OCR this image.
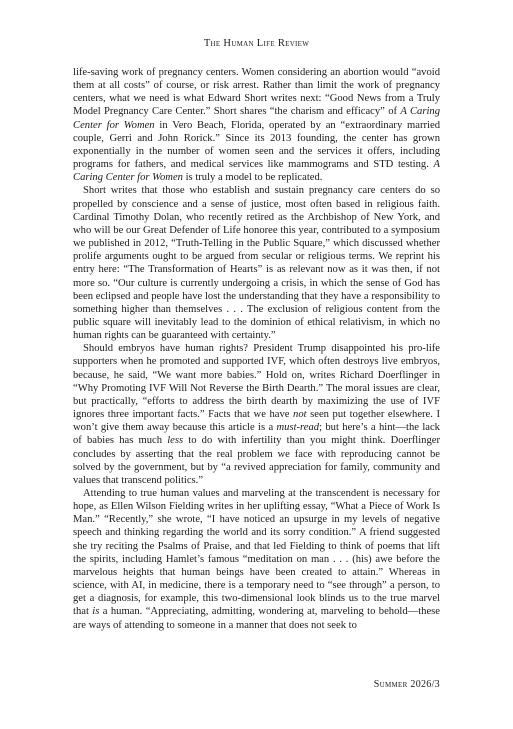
The Human Life Review

life-saving work of pregnancy centers. Women considering an abortion would “avoid them at all costs” of course, or risk arrest. Rather than limit the work of pregnancy centers, what we need is what Edward Short writes next: “Good News from a Truly Model Pregnancy Care Center.” Short shares “the charism and efficacy” of A Caring Center for Women in Vero Beach, Florida, operated by an “extraordinary married couple, Gerri and John Rorick.” Since its 2013 founding, the center has grown exponentially in the number of women seen and the services it offers, including programs for fathers, and medical services like mammograms and STD testing. A Caring Center for Women is truly a model to be replicated.

Short writes that those who establish and sustain pregnancy care centers do so propelled by conscience and a sense of justice, most often based in religious faith. Cardinal Timothy Dolan, who recently retired as the Archbishop of New York, and who will be our Great Defender of Life honoree this year, contributed to a symposium we published in 2012, “Truth-Telling in the Public Square,” which discussed whether prolife arguments ought to be argued from secular or religious terms. We reprint his entry here: “The Transformation of Hearts” is as relevant now as it was then, if not more so. “Our culture is currently undergoing a crisis, in which the sense of God has been eclipsed and people have lost the understanding that they have a responsibility to something higher than themselves . . . The exclusion of religious content from the public square will inevitably lead to the dominion of ethical relativism, in which no human rights can be guaranteed with certainty.”

Should embryos have human rights? President Trump disappointed his pro-life supporters when he promoted and supported IVF, which often destroys live embryos, because, he said, “We want more babies.” Hold on, writes Richard Doerflinger in “Why Promoting IVF Will Not Reverse the Birth Dearth.” The moral issues are clear, but practically, “efforts to address the birth dearth by maximizing the use of IVF ignores three important facts.” Facts that we have not seen put together elsewhere. I won’t give them away because this article is a must-read; but here’s a hint—the lack of babies has much less to do with infertility than you might think. Doerflinger concludes by asserting that the real problem we face with reproducing cannot be solved by the government, but by “a revived appreciation for family, community and values that transcend politics.”

Attending to true human values and marveling at the transcendent is necessary for hope, as Ellen Wilson Fielding writes in her uplifting essay, “What a Piece of Work Is Man.” “Recently,” she wrote, “I have noticed an upsurge in my levels of negative speech and thinking regarding the world and its sorry condition.” A friend suggested she try reciting the Psalms of Praise, and that led Fielding to think of poems that lift the spirits, including Hamlet’s famous “meditation on man . . . (his) awe before the marvelous heights that human beings have been created to attain.” Whereas in science, with AI, in medicine, there is a temporary need to “see through” a person, to get a diagnosis, for example, this two-dimensional look blinds us to the true marvel that is a human. “Appreciating, admitting, wondering at, marveling to behold—these are ways of attending to someone in a manner that does not seek to

Summer 2026/3
